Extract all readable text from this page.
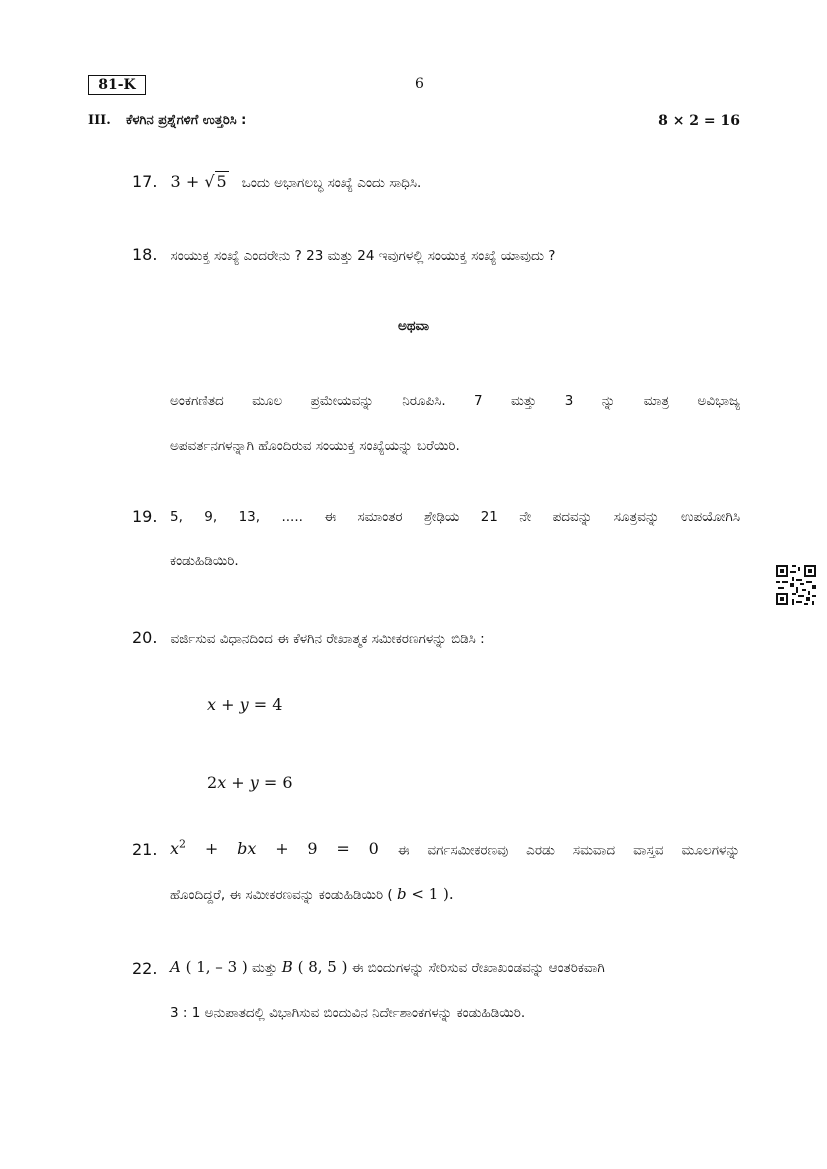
81-K	6
III. ಕೆಳಗಿನ ಪ್ರಶ್ನೆಗಳಿಗೆ ಉತ್ತರಿಸಿ :	8 × 2 = 16
17. 3 + √ 5 ಒಂದು ಅಭಾಗಲಬ್ಧ ಸಂಖ್ಯೆ ಎಂದು ಸಾಧಿಸಿ.
18. ಸಂಯುಕ್ತ ಸಂಖ್ಯೆ ಎಂದರೇನು ? 23 ಮತ್ತು 24 ಇವುಗಳಲ್ಲಿ ಸಂಯುಕ್ತ ಸಂಖ್ಯೆ ಯಾವುದು ?
ಅಥವಾ
ಅಂಕಗಣಿತದ ಮೂಲ ಪ್ರಮೇಯವನ್ನು ನಿರೂಪಿಸಿ. 7 ಮತ್ತು 3 ನ್ನು ಮಾತ್ರ ಅವಿಭಾಜ್ಯ
ಅಪವರ್ತನಗಳನ್ನಾಗಿ ಹೊಂದಿರುವ ಸಂಯುಕ್ತ ಸಂಖ್ಯೆಯನ್ನು ಬರೆಯಿರಿ.
19. 5, 9, 13, ..... ಈ ಸಮಾಂತರ ಶ್ರೇಢಿಯ 21 ನೇ ಪದವನ್ನು ಸೂತ್ರವನ್ನು ಉಪಯೋಗಿಸಿ
ಕಂಡುಹಿಡಿಯಿರಿ.
20. ವರ್ಜಿಸುವ ವಿಧಾನದಿಂದ ಈ ಕೆಳಗಿನ ರೇಖಾತ್ಮಕ ಸಮೀಕರಣಗಳನ್ನು ಬಿಡಿಸಿ :
x + y = 4
2x + y = 6
21. $x^2$ + bx + 9 = 0 ಈ ವರ್ಗಸಮೀಕರಣವು ಎರಡು ಸಮವಾದ ವಾಸ್ತವ ಮೂಲಗಳನ್ನು
ಹೊಂದಿದ್ದರೆ, ಈ ಸಮೀಕರಣವನ್ನು ಕಂಡುಹಿಡಿಯಿರಿ ( b < 1 ).
22. A ( 1, – 3 ) ಮತ್ತು B ( 8, 5 ) ಈ ಬಿಂದುಗಳನ್ನು ಸೇರಿಸುವ ರೇಖಾಖಂಡವನ್ನು ಆಂತರಿಕವಾಗಿ
3 : 1 ಅನುಪಾತದಲ್ಲಿ ವಿಭಾಗಿಸುವ ಬಿಂದುವಿನ ನಿರ್ದೇಶಾಂಕಗಳನ್ನು ಕಂಡುಹಿಡಿಯಿರಿ.
